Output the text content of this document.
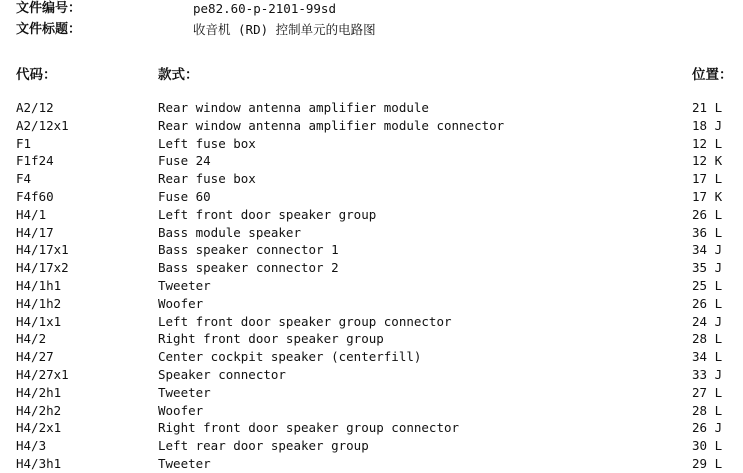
文件编号：	pe82.60-p-2101-99sd
文件标题：	收音机 (RD) 控制单元的电路图
代码：	款式：	位置：
A2/12	Rear window antenna amplifier module	21 L
A2/12x1	Rear window antenna amplifier module connector	18 J
F1	Left fuse box	12 L
F1f24	Fuse 24	12 K
F4	Rear fuse box	17 L
F4f60	Fuse 60	17 K
H4/1	Left front door speaker group	26 L
H4/17	Bass module speaker	36 L
H4/17x1	Bass speaker connector 1	34 J
H4/17x2	Bass speaker connector 2	35 J
H4/1h1	Tweeter	25 L
H4/1h2	Woofer	26 L
H4/1x1	Left front door speaker group connector	24 J
H4/2	Right front door speaker group	28 L
H4/27	Center cockpit speaker (centerfill)	34 L
H4/27x1	Speaker connector	33 J
H4/2h1	Tweeter	27 L
H4/2h2	Woofer	28 L
H4/2x1	Right front door speaker group connector	26 J
H4/3	Left rear door speaker group	30 L
H4/3h1	Tweeter	29 L
